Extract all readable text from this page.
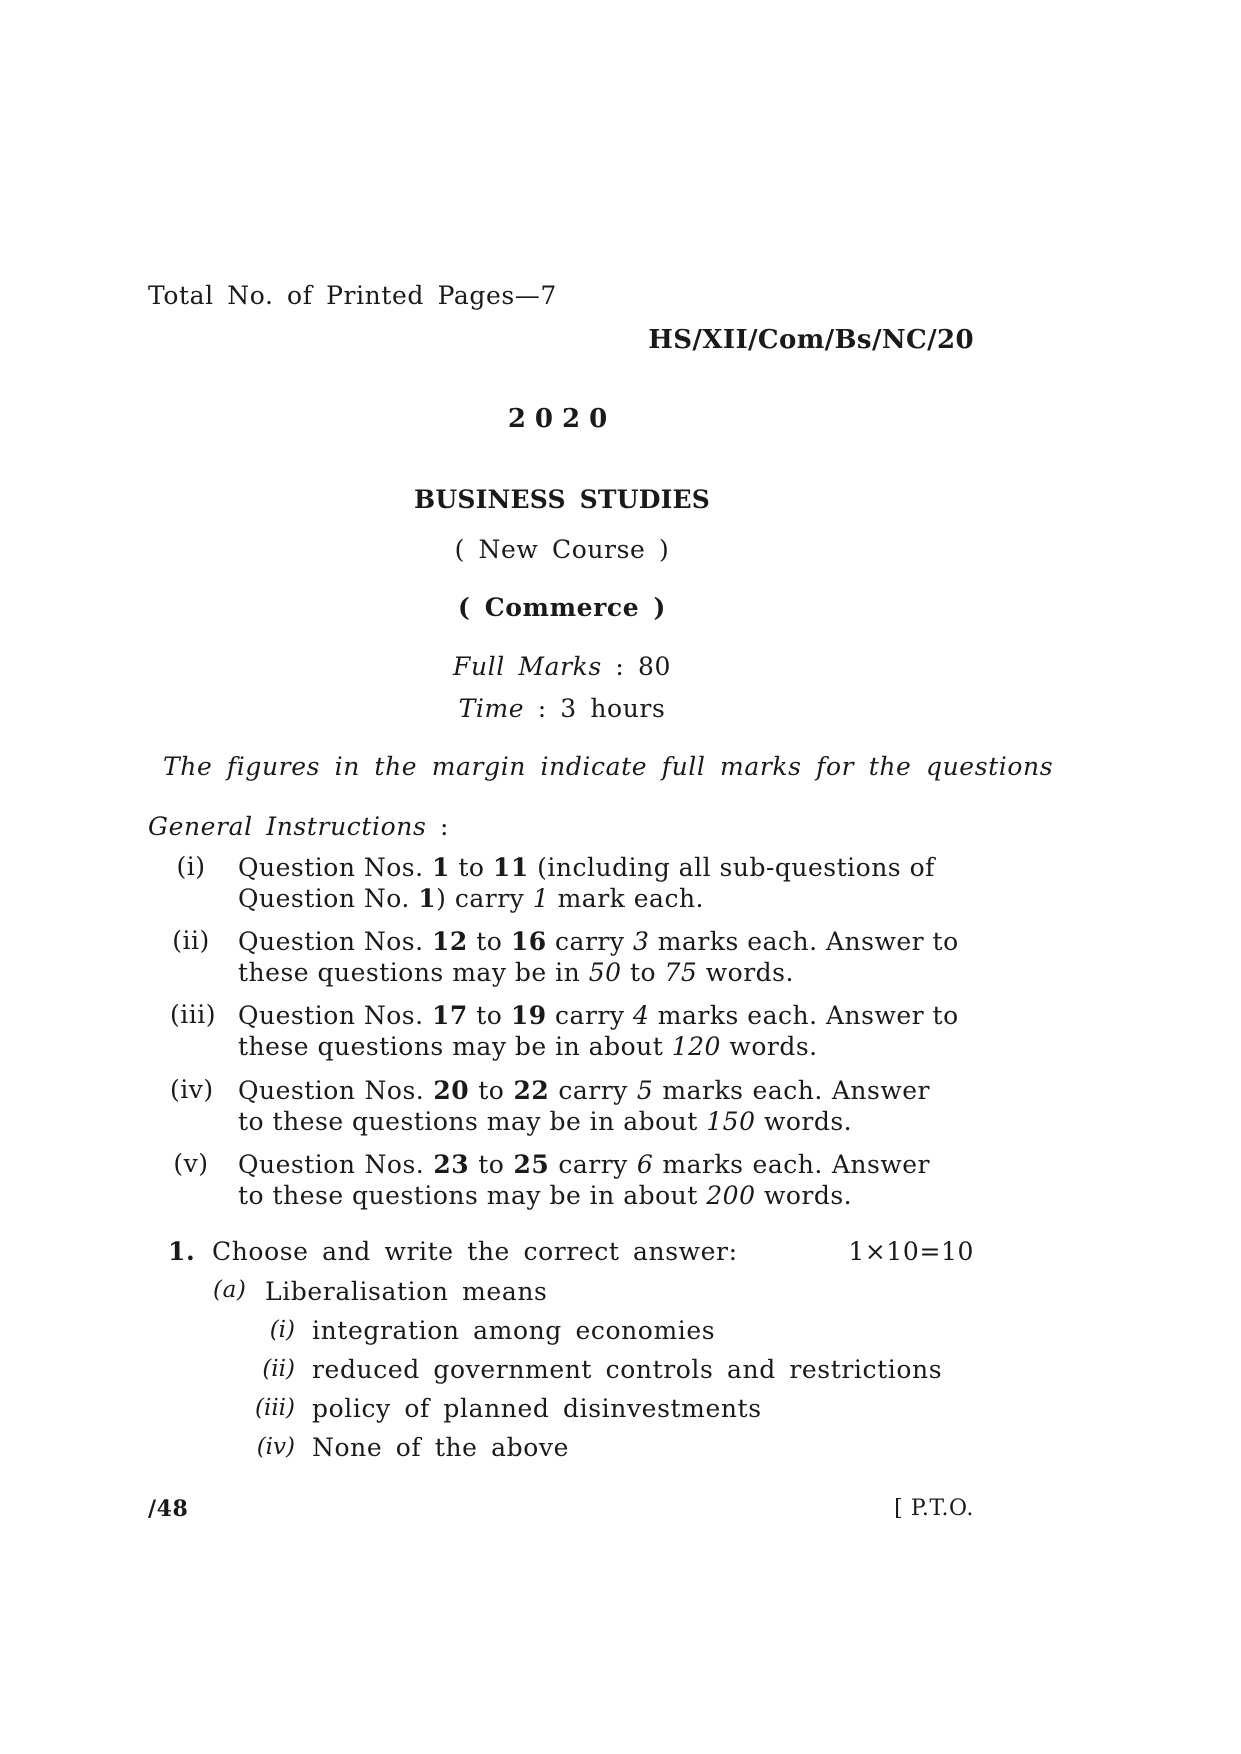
Total No. of Printed Pages—7
HS/XII/Com/Bs/NC/20
2020
BUSINESS STUDIES
( New Course )
( Commerce )
Full Marks : 80
Time : 3 hours
The figures in the margin indicate full marks for the questions
General Instructions :
(i) Question Nos. 1 to 11 (including all sub-questions of
Question No. 1) carry 1 mark each.
(ii) Question Nos. 12 to 16 carry 3 marks each. Answer to
these questions may be in 50 to 75 words.
(iii) Question Nos. 17 to 19 carry 4 marks each. Answer to
these questions may be in about 120 words.
(iv) Question Nos. 20 to 22 carry 5 marks each. Answer
to these questions may be in about 150 words.
(v) Question Nos. 23 to 25 carry 6 marks each. Answer
to these questions may be in about 200 words.
1. Choose and write the correct answer:	1×10=10
(a) Liberalisation means
(i) integration among economies
(ii) reduced government controls and restrictions
(iii) policy of planned disinvestments
(iv) None of the above
/48	[ P.T.O.
